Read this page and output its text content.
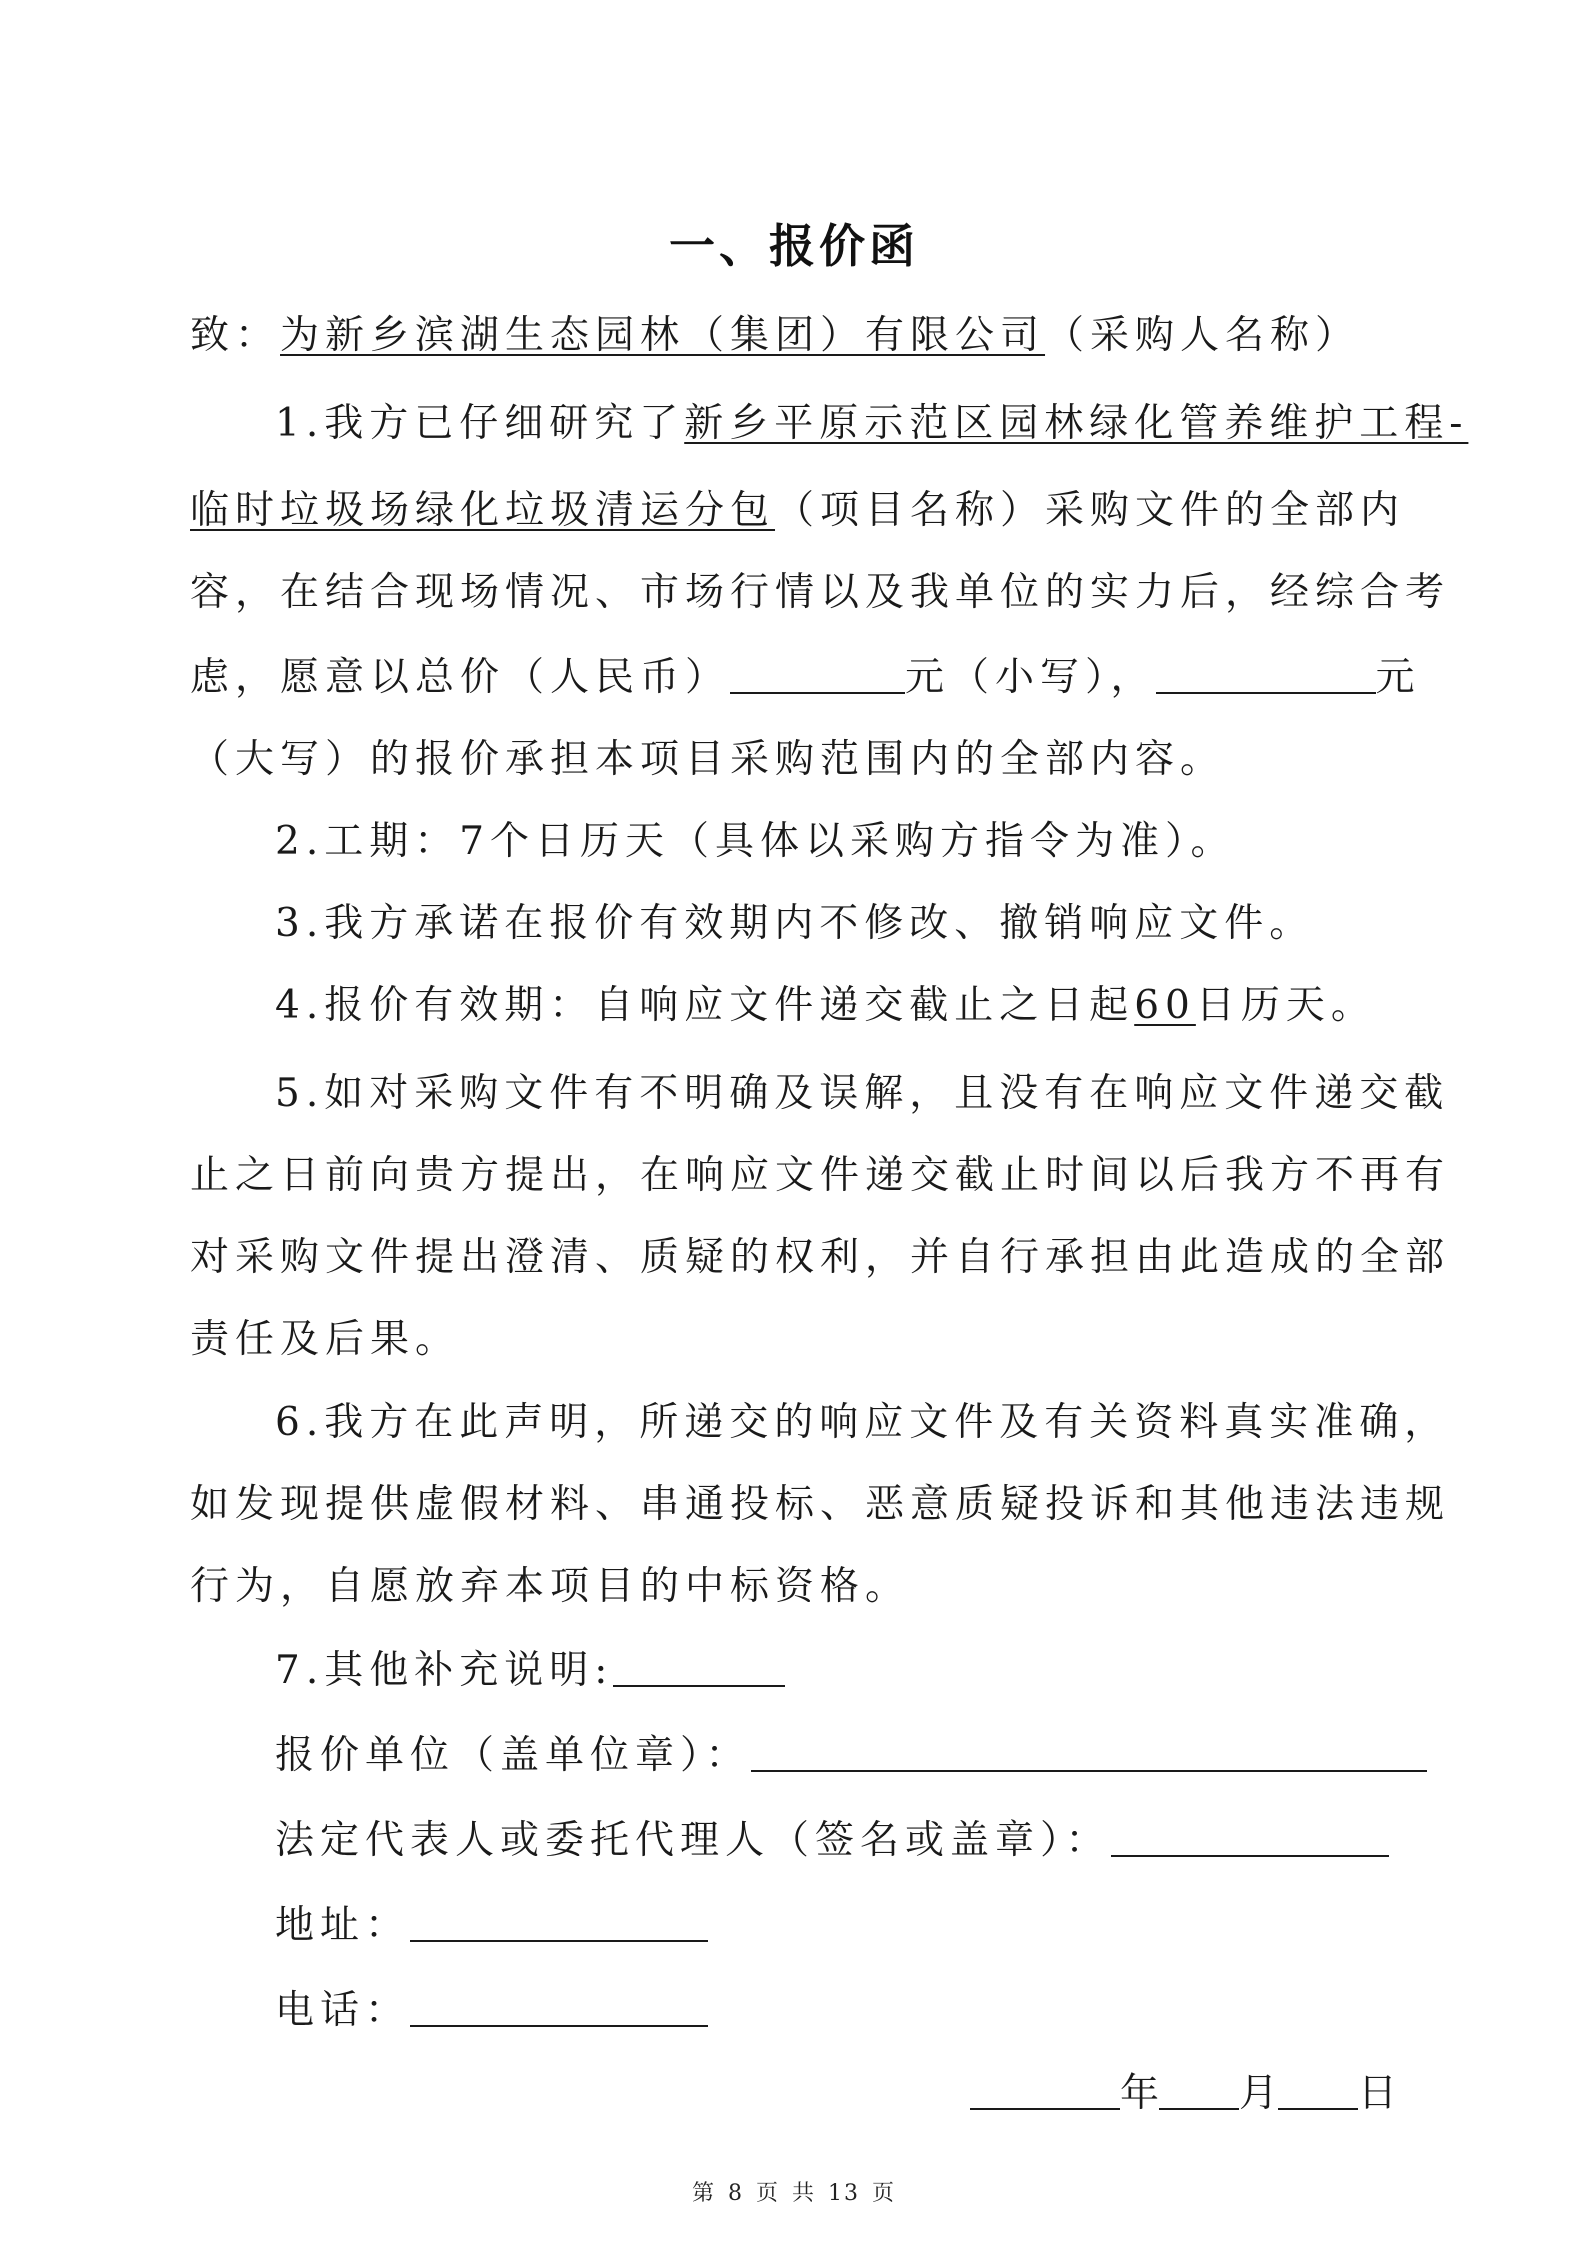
一、报价函
致：为新乡滨湖生态园林（集团）有限公司（采购人名称）
1.我方已仔细研究了新乡平原示范区园林绿化管养维护工程-
临时垃圾场绿化垃圾清运分包（项目名称）采购文件的全部内
容，在结合现场情况、市场行情以及我单位的实力后，经综合考
虑，愿意以总价（人民币）	元（小写），	元
（大写）的报价承担本项目采购范围内的全部内容。
2.工期：7个日历天（具体以采购方指令为准）。
3.我方承诺在报价有效期内不修改、撤销响应文件。
4.报价有效期：自响应文件递交截止之日起60日历天。
5.如对采购文件有不明确及误解，且没有在响应文件递交截
止之日前向贵方提出，在响应文件递交截止时间以后我方不再有
对采购文件提出澄清、质疑的权利，并自行承担由此造成的全部
责任及后果。
6.我方在此声明，所递交的响应文件及有关资料真实准确，
如发现提供虚假材料、串通投标、恶意质疑投诉和其他违法违规
行为，自愿放弃本项目的中标资格。
7.其他补充说明:
报价单位（盖单位章）：
法定代表人或委托代理人（签名或盖章）：
地址：
电话：
年 月 日
第 8 页 共 13 页
